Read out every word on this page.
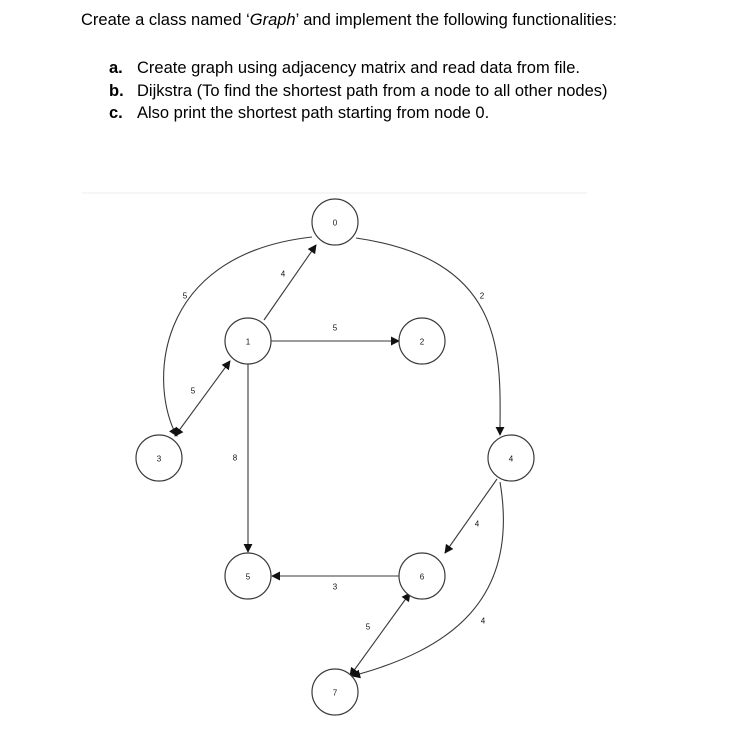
Create a class named ‘Graph’ and implement the following functionalities:
a. Create graph using adjacency matrix and read data from file.
b. Dijkstra (To find the shortest path from a node to all other nodes)
c. Also print the shortest path starting from node 0.
4
5	2
5
5
8
4
4
3
5
0
1	2
3	4
5	6
7
